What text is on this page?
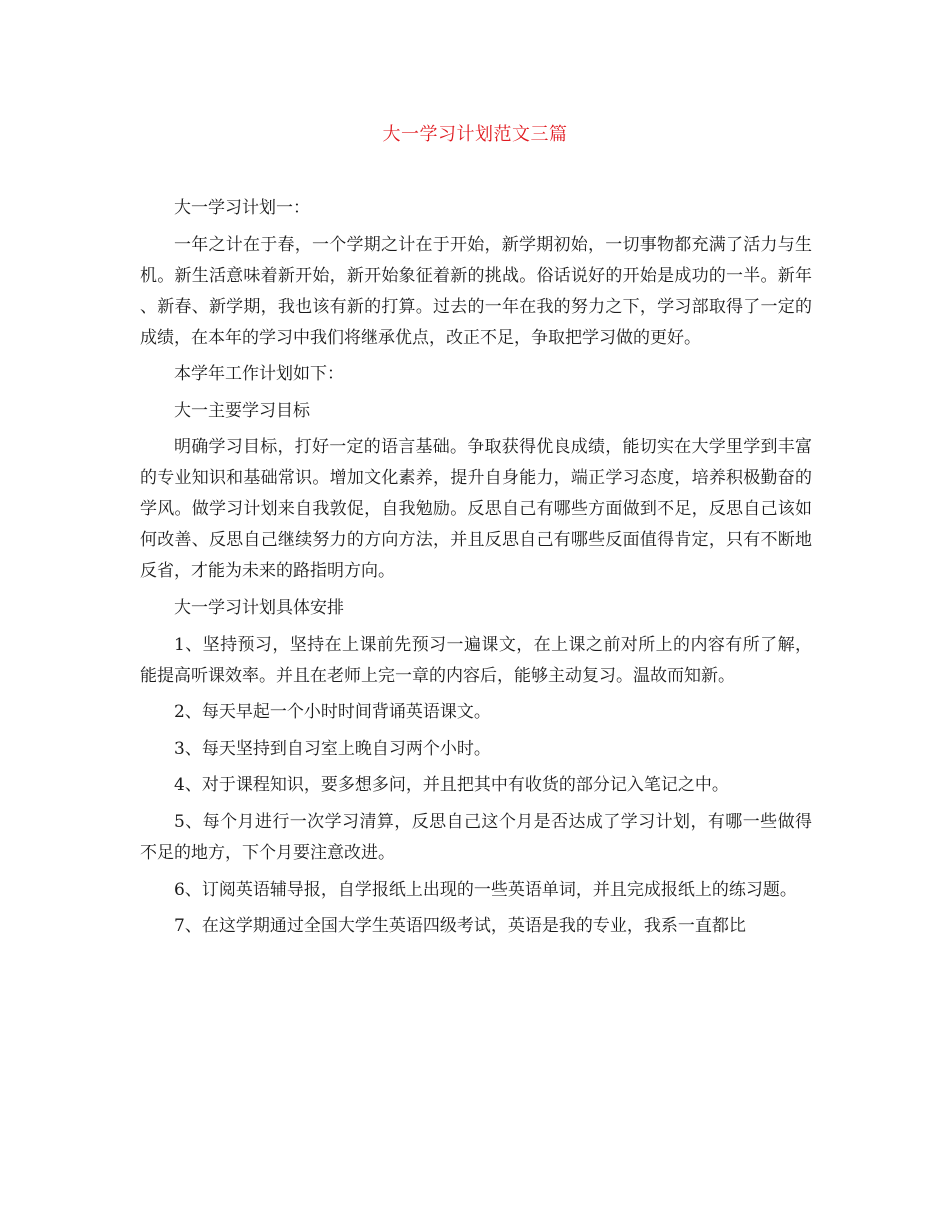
大一学习计划范文三篇

大一学习计划一：

一年之计在于春，一个学期之计在于开始，新学期初始，一切事物都充满了活力与生机。新生活意味着新开始，新开始象征着新的挑战。俗话说好的开始是成功的一半。新年、新春、新学期，我也该有新的打算。过去的一年在我的努力之下，学习部取得了一定的成绩，在本年的学习中我们将继承优点，改正不足，争取把学习做的更好。

本学年工作计划如下：

大一主要学习目标

明确学习目标，打好一定的语言基础。争取获得优良成绩，能切实在大学里学到丰富的专业知识和基础常识。增加文化素养，提升自身能力，端正学习态度，培养积极勤奋的学风。做学习计划来自我敦促，自我勉励。反思自己有哪些方面做到不足，反思自己该如何改善、反思自己继续努力的方向方法，并且反思自己有哪些反面值得肯定，只有不断地反省，才能为未来的路指明方向。

大一学习计划具体安排

1、坚持预习，坚持在上课前先预习一遍课文，在上课之前对所上的内容有所了解，能提高听课效率。并且在老师上完一章的内容后，能够主动复习。温故而知新。

2、每天早起一个小时时间背诵英语课文。

3、每天坚持到自习室上晚自习两个小时。

4、对于课程知识，要多想多问，并且把其中有收货的部分记入笔记之中。

5、每个月进行一次学习清算，反思自己这个月是否达成了学习计划，有哪一些做得不足的地方，下个月要注意改进。

6、订阅英语辅导报，自学报纸上出现的一些英语单词，并且完成报纸上的练习题。

7、在这学期通过全国大学生英语四级考试，英语是我的专业，我系一直都比
